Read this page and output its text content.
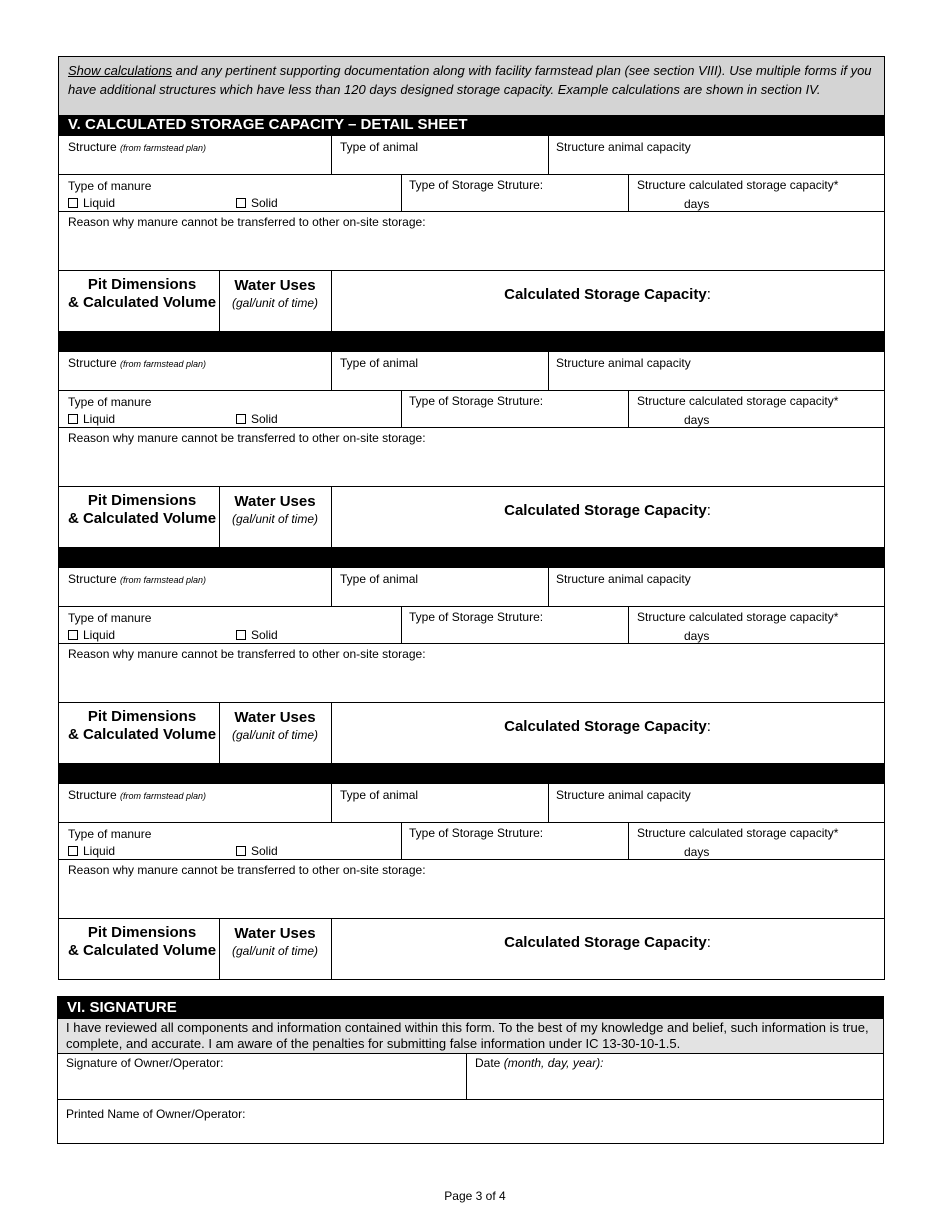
Show calculations and any pertinent supporting documentation along with facility farmstead plan (see section VIII). Use multiple forms if you have additional structures which have less than 120 days designed storage capacity. Example calculations are shown in section IV.
V. CALCULATED STORAGE CAPACITY – DETAIL SHEET
Structure (from farmstead plan)	Type of animal	Structure animal capacity
Type of manure
Liquid	Solid
Type of Storage Struture:	Structure calculated storage capacity*
days
Reason why manure cannot be transferred to other on-site storage:
Pit Dimensions
& Calculated Volume
Water Uses
(gal/unit of time)	Calculated Storage Capacity:
Structure (from farmstead plan)	Type of animal	Structure animal capacity
Type of manure
Liquid	Solid
Type of Storage Struture:	Structure calculated storage capacity*
days
Reason why manure cannot be transferred to other on-site storage:
Pit Dimensions
& Calculated Volume
Water Uses
(gal/unit of time)	Calculated Storage Capacity:
Structure (from farmstead plan)	Type of animal	Structure animal capacity
Type of manure
Liquid	Solid
Type of Storage Struture:	Structure calculated storage capacity*
days
Reason why manure cannot be transferred to other on-site storage:
Pit Dimensions
& Calculated Volume
Water Uses
(gal/unit of time)	Calculated Storage Capacity:
Structure (from farmstead plan)	Type of animal	Structure animal capacity
Type of manure
Liquid	Solid
Type of Storage Struture:	Structure calculated storage capacity*
days
Reason why manure cannot be transferred to other on-site storage:
Pit Dimensions
& Calculated Volume
Water Uses
(gal/unit of time)	Calculated Storage Capacity:
VI. SIGNATURE
I have reviewed all components and information contained within this form. To the best of my knowledge and belief, such information is true, complete, and accurate. I am aware of the penalties for submitting false information under IC 13-30-10-1.5.
Signature of Owner/Operator:	Date (month, day, year):
Printed Name of Owner/Operator:
Page 3 of 4
